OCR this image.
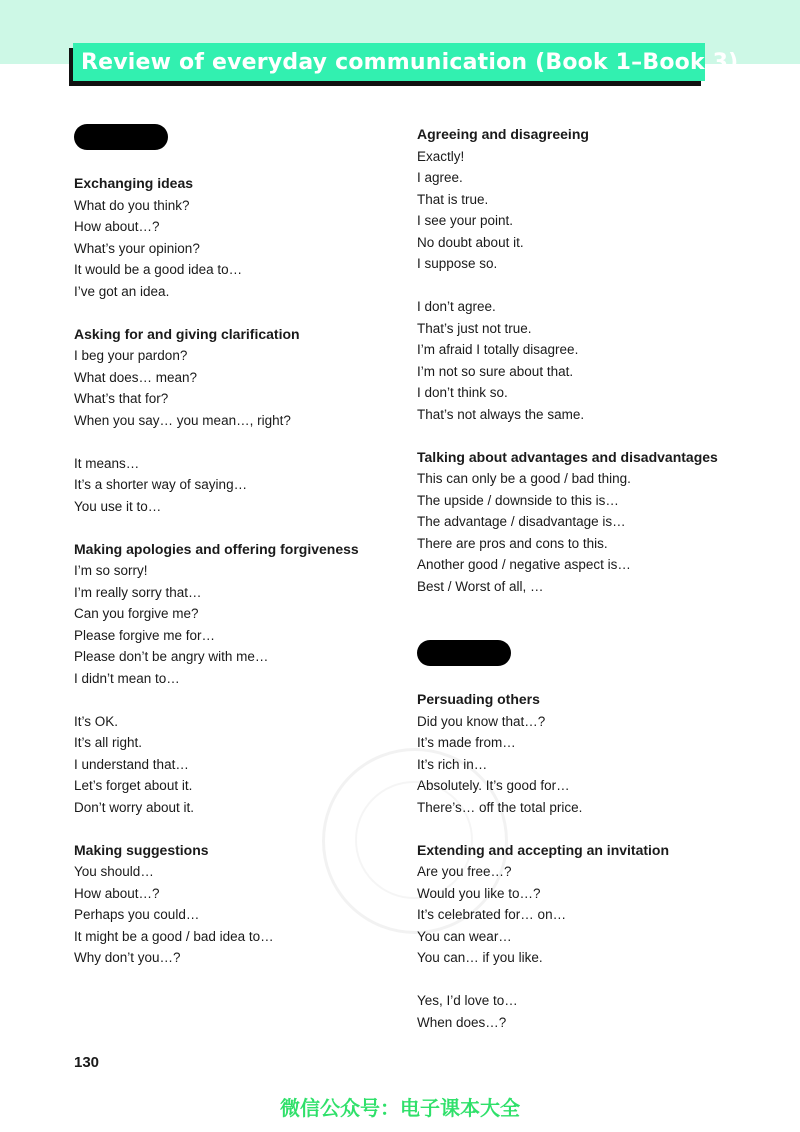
Review of everyday communication (Book 1–Book 3)
Exchanging ideas
What do you think?
How about…?
What’s your opinion?
It would be a good idea to…
I’ve got an idea.
Asking for and giving clarification
I beg your pardon?
What does… mean?
What’s that for?
When you say… you mean…, right?
It means…
It’s a shorter way of saying…
You use it to…
Making apologies and offering forgiveness
I’m so sorry!
I’m really sorry that…
Can you forgive me?
Please forgive me for…
Please don’t be angry with me…
I didn’t mean to…
It’s OK.
It’s all right.
I understand that…
Let’s forget about it.
Don’t worry about it.
Making suggestions
You should…
How about…?
Perhaps you could…
It might be a good / bad idea to…
Why don’t you…?
Agreeing and disagreeing
Exactly!
I agree.
That is true.
I see your point.
No doubt about it.
I suppose so.
I don’t agree.
That’s just not true.
I’m afraid I totally disagree.
I’m not so sure about that.
I don’t think so.
That’s not always the same.
Talking about advantages and disadvantages
This can only be a good / bad thing.
The upside / downside to this is…
The advantage / disadvantage is…
There are pros and cons to this.
Another good / negative aspect is…
Best / Worst of all, …
Persuading others
Did you know that…?
It’s made from…
It’s rich in…
Absolutely. It’s good for…
There’s… off the total price.
Extending and accepting an invitation
Are you free…?
Would you like to…?
It’s celebrated for… on…
You can wear…
You can… if you like.
Yes, I’d love to…
When does…?
130
微信公众号：电子课本大全
